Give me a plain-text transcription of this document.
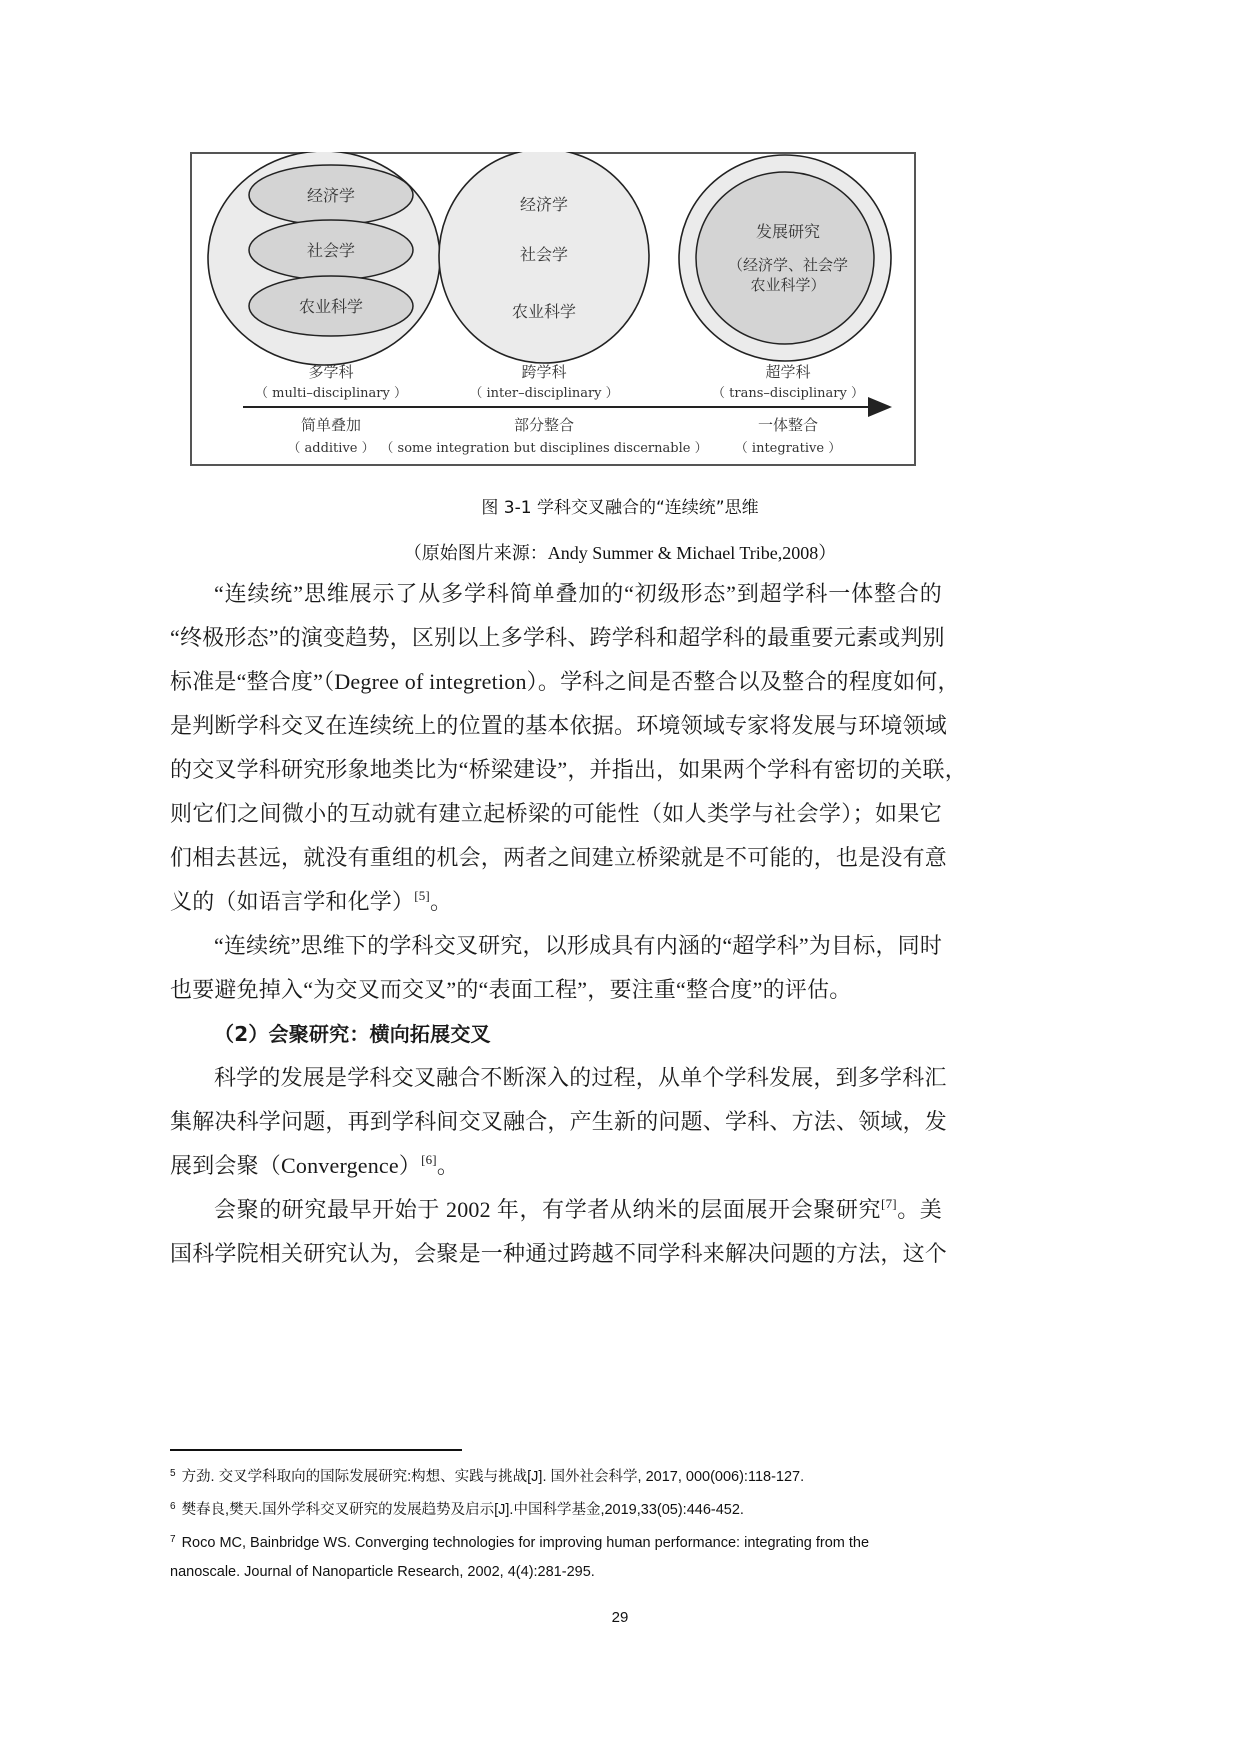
经济学
社会学
农业科学
经济学
社会学
农业科学
发展研究
（经济学、社会学
农业科学）
多学科
（ multi–disciplinary ）
跨学科
（ inter–disciplinary ）
超学科
（ trans–disciplinary ）
简单叠加
（ additive ）
部分整合
（ some integration but disciplines discernable ）
一体整合
（ integrative ）
图 3-1 学科交叉融合的“连续统”思维
（原始图片来源：Andy Summer & Michael Tribe,2008）
“连续统”思维展示了从多学科简单叠加的“初级形态”到超学科一体整合的
“终极形态”的演变趋势，区别以上多学科、跨学科和超学科的最重要元素或判别
标准是“整合度”（Degree of integretion）。学科之间是否整合以及整合的程度如何，
是判断学科交叉在连续统上的位置的基本依据。环境领域专家将发展与环境领域
的交叉学科研究形象地类比为“桥梁建设”，并指出，如果两个学科有密切的关联，
则它们之间微小的互动就有建立起桥梁的可能性（如人类学与社会学）；如果它
们相去甚远，就没有重组的机会，两者之间建立桥梁就是不可能的，也是没有意
义的（如语言学和化学）[5]。
“连续统”思维下的学科交叉研究，以形成具有内涵的“超学科”为目标，同时
也要避免掉入“为交叉而交叉”的“表面工程”，要注重“整合度”的评估。
（2）会聚研究：横向拓展交叉
科学的发展是学科交叉融合不断深入的过程，从单个学科发展，到多学科汇
集解决科学问题，再到学科间交叉融合，产生新的问题、学科、方法、领域，发
展到会聚（Convergence）[6]。
会聚的研究最早开始于 2002 年，有学者从纳米的层面展开会聚研究[7]。美
国科学院相关研究认为，会聚是一种通过跨越不同学科来解决问题的方法，这个
$^5$ 方劲. 交叉学科取向的国际发展研究:构想、实践与挑战[J]. 国外社会科学, 2017, 000(006):118-127.
$^6$ 樊春良,樊天.国外学科交叉研究的发展趋势及启示[J].中国科学基金,2019,33(05):446-452.
$^7$ Roco MC, Bainbridge WS. Converging technologies for improving human performance: integrating from the
nanoscale. Journal of Nanoparticle Research, 2002, 4(4):281-295.
29
